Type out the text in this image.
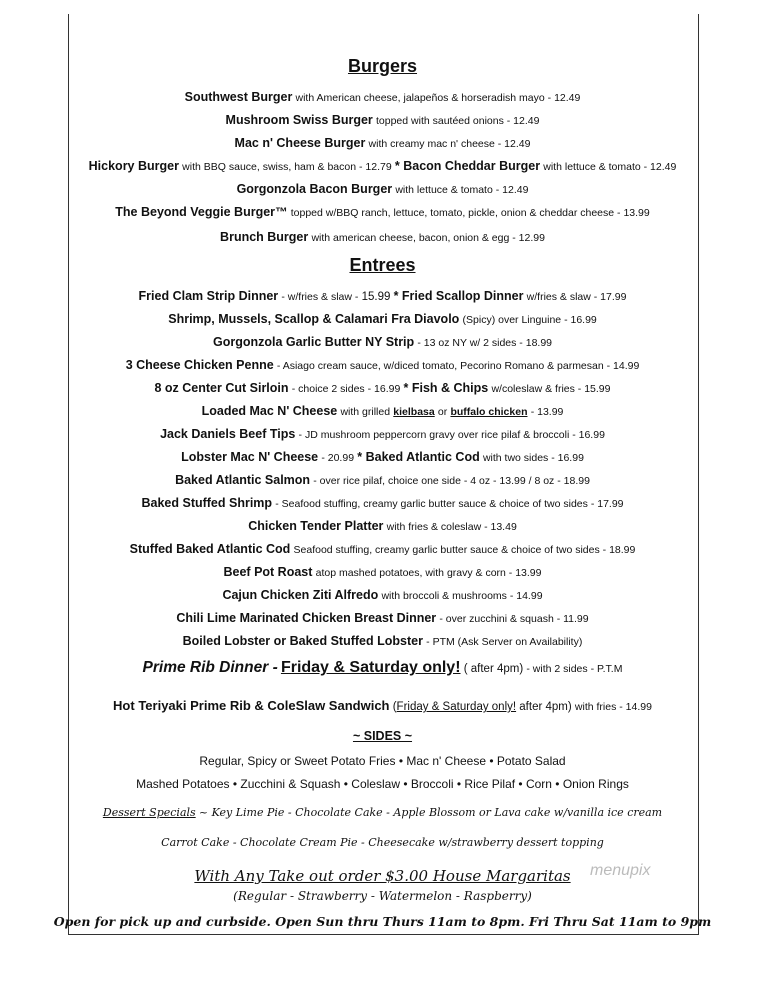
Burgers
Southwest Burger with American cheese, jalapeños & horseradish mayo - 12.49
Mushroom Swiss Burger topped with sautéed onions - 12.49
Mac n' Cheese Burger with creamy mac n' cheese - 12.49
Hickory Burger with BBQ sauce, swiss, ham & bacon - 12.79 * Bacon Cheddar Burger with lettuce & tomato - 12.49
Gorgonzola Bacon Burger with lettuce & tomato - 12.49
The Beyond Veggie Burger™ topped w/BBQ ranch, lettuce, tomato, pickle, onion & cheddar cheese - 13.99
Brunch Burger with american cheese, bacon, onion & egg - 12.99
Entrees
Fried Clam Strip Dinner - w/fries & slaw - 15.99 * Fried Scallop Dinner w/fries & slaw - 17.99
Shrimp, Mussels, Scallop & Calamari Fra Diavolo (Spicy) over Linguine - 16.99
Gorgonzola Garlic Butter NY Strip - 13 oz NY w/ 2 sides - 18.99
3 Cheese Chicken Penne - Asiago cream sauce, w/diced tomato, Pecorino Romano & parmesan - 14.99
8 oz Center Cut Sirloin - choice 2 sides - 16.99 * Fish & Chips w/coleslaw & fries - 15.99
Loaded Mac N' Cheese with grilled kielbasa or buffalo chicken - 13.99
Jack Daniels Beef Tips - JD mushroom peppercorn gravy over rice pilaf & broccoli - 16.99
Lobster Mac N' Cheese - 20.99 * Baked Atlantic Cod with two sides - 16.99
Baked Atlantic Salmon - over rice pilaf, choice one side - 4 oz - 13.99 / 8 oz - 18.99
Baked Stuffed Shrimp - Seafood stuffing, creamy garlic butter sauce & choice of two sides - 17.99
Chicken Tender Platter with fries & coleslaw - 13.49
Stuffed Baked Atlantic Cod Seafood stuffing, creamy garlic butter sauce & choice of two sides - 18.99
Beef Pot Roast atop mashed potatoes, with gravy & corn - 13.99
Cajun Chicken Ziti Alfredo with broccoli & mushrooms - 14.99
Chili Lime Marinated Chicken Breast Dinner - over zucchini & squash - 11.99
Boiled Lobster or Baked Stuffed Lobster - PTM (Ask Server on Availability)
Prime Rib Dinner - Friday & Saturday only! ( after 4pm) - with 2 sides - P.T.M
Hot Teriyaki Prime Rib & ColeSlaw Sandwich (Friday & Saturday only! after 4pm) with fries - 14.99
~ SIDES ~
Regular, Spicy or Sweet Potato Fries • Mac n' Cheese • Potato Salad
Mashed Potatoes • Zucchini & Squash • Coleslaw • Broccoli • Rice Pilaf • Corn • Onion Rings
Dessert Specials ~ Key Lime Pie - Chocolate Cake - Apple Blossom or Lava cake w/vanilla ice cream
Carrot Cake - Chocolate Cream Pie - Cheesecake w/strawberry dessert topping
With Any Take out order $3.00 House Margaritas
(Regular - Strawberry - Watermelon - Raspberry)
Open for pick up and curbside. Open Sun thru Thurs 11am to 8pm. Fri Thru Sat 11am to 9pm
menupix
